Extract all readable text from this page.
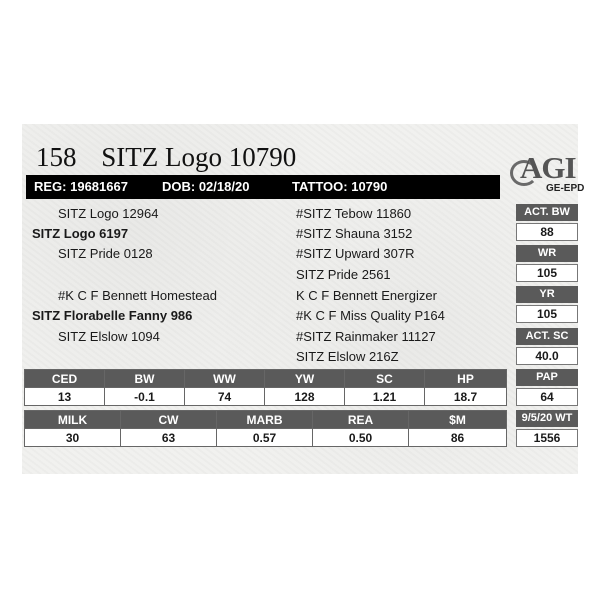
158 SITZ Logo 10790	AGI
GE-EPD
REG: 19681667	DOB: 02/18/20	TATTOO: 10790
SITZ Logo 12964
SITZ Logo 6197
SITZ Pride 0128
#K C F Bennett Homestead
SITZ Florabelle Fanny 986
SITZ Elslow 1094
#SITZ Tebow 11860
#SITZ Shauna 3152
#SITZ Upward 307R
SITZ Pride 2561
K C F Bennett Energizer
#K C F Miss Quality P164
#SITZ Rainmaker 11127
SITZ Elslow 216Z
ACT. BW
88
WR
105
YR
105
ACT. SC
40.0
PAP
64
9/5/20 WT
1556
CED	BW	WW	YW	SC	HP
13	-0.1	74	128	1.21	18.7
MILK	CW	MARB	REA	$M
30	63	0.57	0.50	86
